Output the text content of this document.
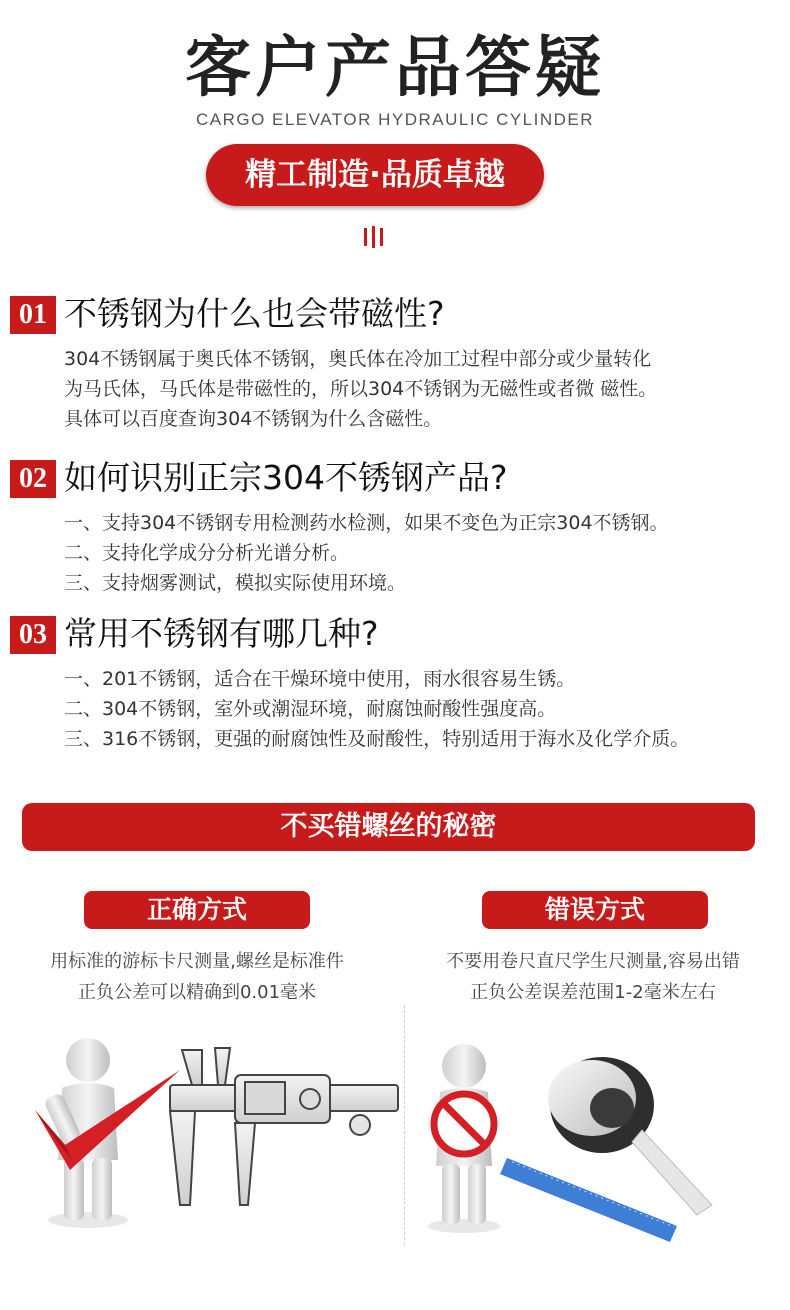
客户产品答疑
CARGO ELEVATOR HYDRAULIC CYLINDER
精工制造·品质卓越
01 不锈钢为什么也会带磁性?
304不锈钢属于奥氏体不锈钢，奥氏体在冷加工过程中部分或少量转化
为马氏体，马氏体是带磁性的，所以304不锈钢为无磁性或者微 磁性。
具体可以百度查询304不锈钢为什么含磁性。
02 如何识别正宗304不锈钢产品?
一、支持304不锈钢专用检测药水检测，如果不变色为正宗304不锈钢。
二、支持化学成分分析光谱分析。
三、支持烟雾测试，模拟实际使用环境。
03 常用不锈钢有哪几种?
一、201不锈钢，适合在干燥环境中使用，雨水很容易生锈。
二、304不锈钢，室外或潮湿环境，耐腐蚀耐酸性强度高。
三、316不锈钢，更强的耐腐蚀性及耐酸性，特别适用于海水及化学介质。
不买错螺丝的秘密
正确方式	错误方式
用标准的游标卡尺测量,螺丝是标准件
正负公差可以精确到0.01毫米
不要用卷尺直尺学生尺测量,容易出错
正负公差误差范围1-2毫米左右
